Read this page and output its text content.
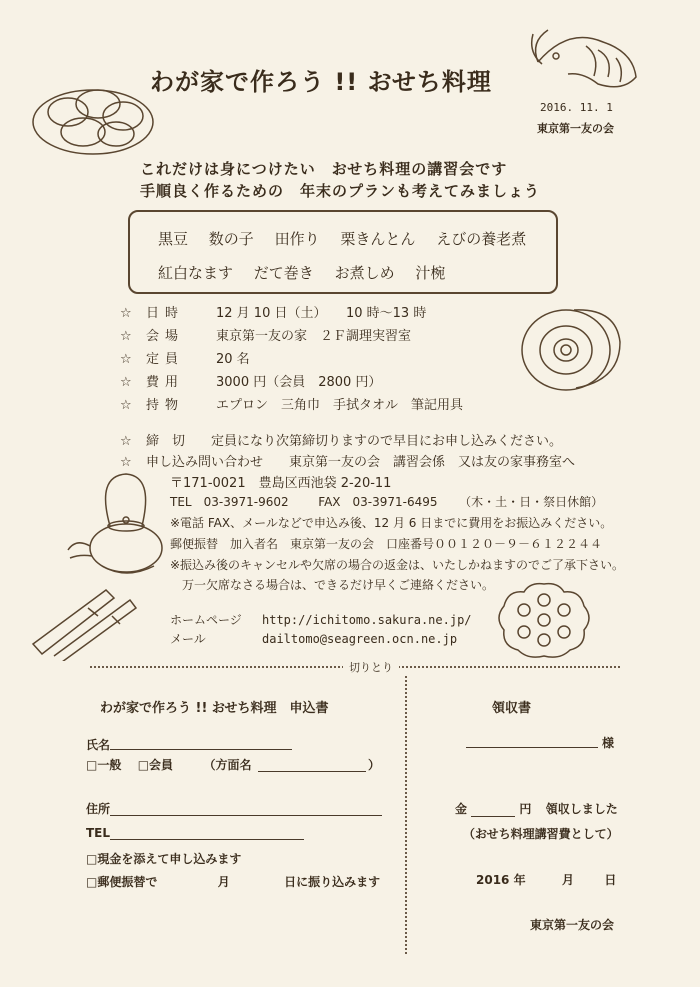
わが家で作ろう !! おせち料理
2016. 11. 1
東京第一友の会
これだけは身につけたい　おせち料理の講習会です
手順良く作るための　年末のプランも考えてみましょう
黒豆 数の子 田作り 栗きんとん えびの養老煮
紅白なます だて巻き お煮しめ 汁椀
☆ 日時 12 月 10 日（土）　　10 時～13 時
☆ 会場 東京第一友の家　２Ｆ調理実習室
☆ 定員 20 名
☆ 費用 3000 円（会員　2800 円）
☆ 持物 エプロン　三角巾　手拭タオル　筆記用具
☆ 締　切　　定員になり次第締切りますので早目にお申し込みください。
☆ 申し込み問い合わせ　　東京第一友の会　講習会係　又は友の家事務室へ
〒171-0021　豊島区西池袋 2-20-11
TEL　03-3971-9602 FAX　03-3971-6495 （木・土・日・祭日休館）
※電話 FAX、メールなどで申込み後、12 月 6 日までに費用をお振込みください。
郵便振替　加入者名　東京第一友の会　口座番号００１２０－９－６１２２４４
※振込み後のキャンセルや欠席の場合の返金は、いたしかねますのでご了承下さい。
万一欠席なさる場合は、できるだけ早くご連絡ください。
ホームページ http://ichitomo.sakura.ne.jp/
メール	dailtomo@seagreen.ocn.ne.jp
切りとり
わが家で作ろう !! おせち料理　申込書
氏名
□一般 □会員	（方面名	）
住所
TEL
□現金を添えて申し込みます
□郵便振替で	月	日に振り込みます
領収書
様
金	円 領収しました
（おせち料理講習費として）
2016 年	月	日
東京第一友の会
